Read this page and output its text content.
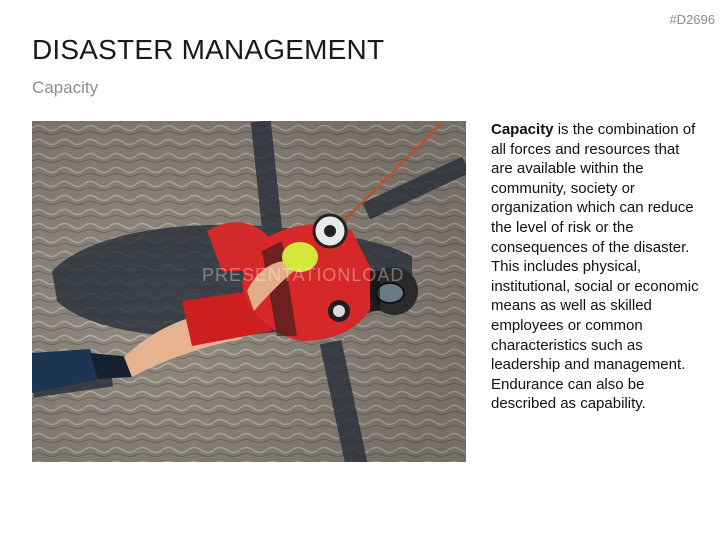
#D2696
DISASTER MANAGEMENT
Capacity
PRESENTATIONLOAD
Capacity is the combination of all forces and resources that are available within the community, society or organization which can reduce the level of risk or the consequences of the disaster. This includes physical, institutional, social or economic means as well as skilled employees or common characteristics such as leadership and management. Endurance can also be described as capability.
